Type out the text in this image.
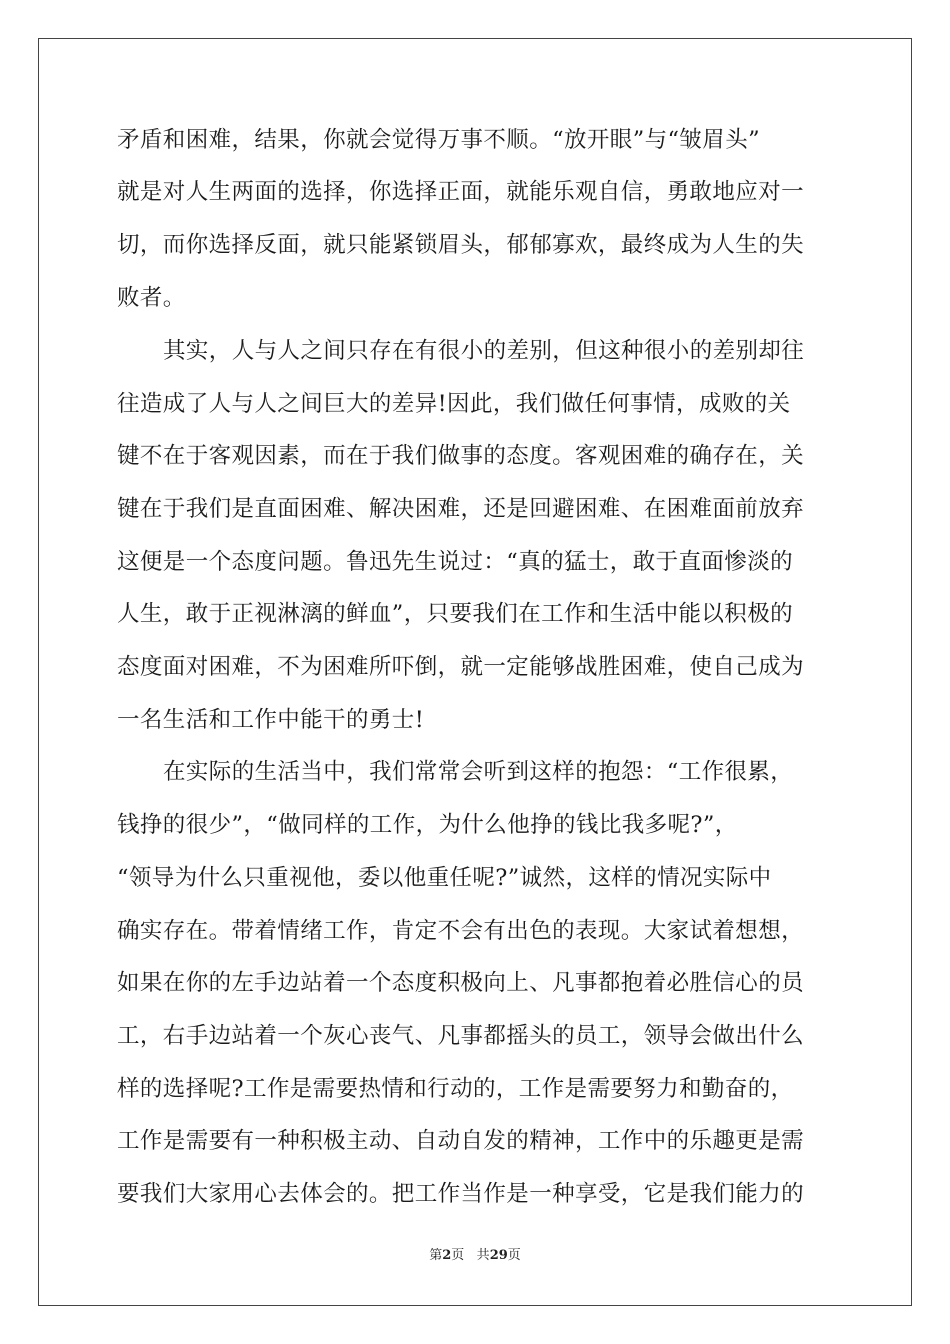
矛盾和困难，结果，你就会觉得万事不顺。“放开眼”与“皱眉头”
就是对人生两面的选择，你选择正面，就能乐观自信，勇敢地应对一
切，而你选择反面，就只能紧锁眉头，郁郁寡欢，最终成为人生的失
败者。
其实，人与人之间只存在有很小的差别，但这种很小的差别却往
往造成了人与人之间巨大的差异!因此，我们做任何事情，成败的关
键不在于客观因素，而在于我们做事的态度。客观困难的确存在，关
键在于我们是直面困难、解决困难，还是回避困难、在困难面前放弃
这便是一个态度问题。鲁迅先生说过：“真的猛士，敢于直面惨淡的
人生，敢于正视淋漓的鲜血”，只要我们在工作和生活中能以积极的
态度面对困难，不为困难所吓倒，就一定能够战胜困难，使自己成为
一名生活和工作中能干的勇士!
在实际的生活当中，我们常常会听到这样的抱怨：“工作很累，
钱挣的很少”，“做同样的工作，为什么他挣的钱比我多呢?”，
“领导为什么只重视他，委以他重任呢?”诚然，这样的情况实际中
确实存在。带着情绪工作，肯定不会有出色的表现。大家试着想想，
如果在你的左手边站着一个态度积极向上、凡事都抱着必胜信心的员
工，右手边站着一个灰心丧气、凡事都摇头的员工，领导会做出什么
样的选择呢?工作是需要热情和行动的，工作是需要努力和勤奋的，
工作是需要有一种积极主动、自动自发的精神，工作中的乐趣更是需
要我们大家用心去体会的。把工作当作是一种享受，它是我们能力的
第2页 共29页
